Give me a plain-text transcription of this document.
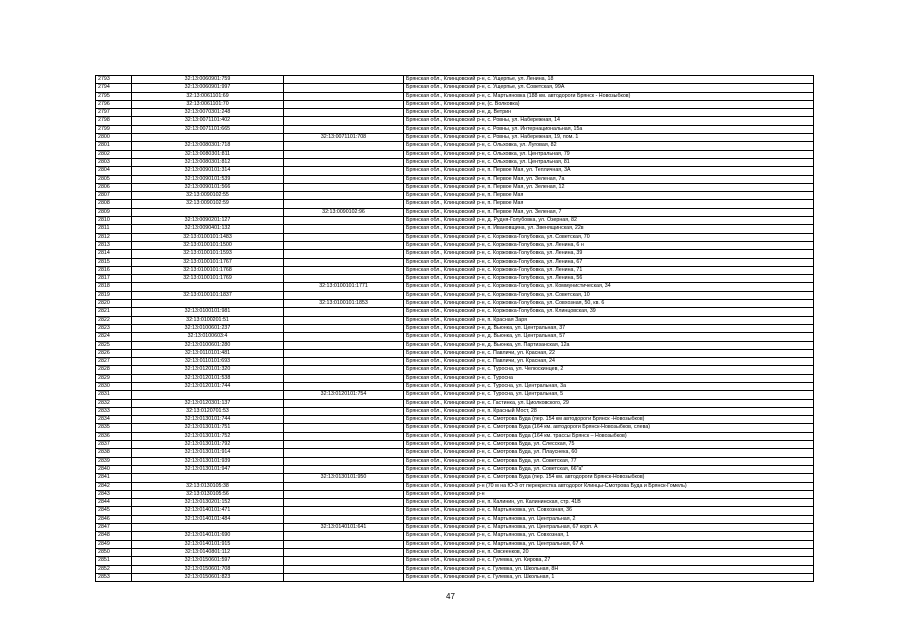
2793	32:13:0060901:759		Брянская обл., Клинцовский р-н, с. Ущерпье, ул. Ленина, 18
2794	32:13:0060901:997		Брянская обл., Клинцовский р-н, с. Ущерпье, ул. Советская, 99А
2795	32:13:0061101:69		Брянская обл., Клинцовский р-н, с. Мартьяновка (188 км. автодороги Брянск - Новозыбков)
2796	32:13:0061101:70		Брянская обл., Клинцовский р-н, (с. Волковка)
2797	32:13:0070301:248		Брянская обл., Клинцовский р-н, д. Ветрин
2798	32:13:0071101:402		Брянская обл., Клинцовский р-н, с. Ровны, ул. Набережная, 14
2799	32:13:0071101:665		Брянская обл., Клинцовский р-н, с. Ровны, ул. Интернациональная, 15а
2800		32:13:0071101:708	Брянская обл., Клинцовский р-н, с. Ровны, ул. Набережная, 19, пом. 1
2801	32:13:0080301:718		Брянская обл., Клинцовский р-н, с. Ольховка, ул. Луговая, 82
2802	32:13:0080301:811		Брянская обл., Клинцовский р-н, с. Ольховка, ул. Центральная, 79
2803	32:13:0080301:812		Брянская обл., Клинцовский р-н, с. Ольховка, ул. Центральная, 81
2804	32:13:0090101:314		Брянская обл., Клинцовский р-н, п. Первое Мая, ул. Тепличная, 3А
2805	32:13:0090101:539		Брянская обл., Клинцовский р-н, п. Первое Мая, ул. Зеленая, 7а
2806	32:13:0090101:566		Брянская обл., Клинцовский р-н, п. Первое Мая, ул. Зеленая, 12
2807	32:13:0090102:55		Брянская обл., Клинцовский р-н, п. Первое Мая
2808	32:13:0090102:59		Брянская обл., Клинцовский р-н, п. Первое Мая
2809		32:13:0090102:96	Брянская обл., Клинцовский р-н, п. Первое Мая, ул. Зеленая, 7
2810	32:13:0090201:127		Брянская обл., Клинцовский р-н, д. Рудня-Голубовка, ул. Озерная, 82
2811	32:13:0090401:132		Брянская обл., Клинцовский р-н, п. Ивановщина, ул. Звенящинская, 22в
2812	32:13:0100101:1483		Брянская обл., Клинцовский р-н, с. Коржовка-Голубовка, ул. Советская, 70
2813	32:13:0100101:1500		Брянская обл., Клинцовский р-н, с. Коржовка-Голубовка, ул. Ленина, 6 н
2814	32:13:0100101:1593		Брянская обл., Клинцовский р-н, с. Коржовка-Голубовка, ул. Ленина, 39
2815	32:13:0100101:1767		Брянская обл., Клинцовский р-н, с. Коржовка-Голубовка, ул. Ленина, 67
2816	32:13:0100101:1768		Брянская обл., Клинцовский р-н, с. Коржовка-Голубовка, ул. Ленина, 71
2817	32:13:0100101:1769		Брянская обл., Клинцовский р-н, с. Коржовка-Голубовка, ул. Ленина, 56
2818		32:13:0100101:1771	Брянская обл., Клинцовский р-н, с. Коржовка-Голубовка, ул. Коммунистическая, 34
2819	32:13:0100101:1837		Брянская обл., Клинцовский р-н, с. Коржовка-Голубовка, ул. Советская, 10
2820		32:13:0100101:1853	Брянская обл., Клинцовский р-н, с. Коржовка-Голубовка, ул. Совхозная, 50, кв. 6
2821	32:13:0100101:981		Брянская обл., Клинцовский р-н, с. Коржовка-Голубовка, ул. Клинцовская, 39
2822	32:13:0100201:51		Брянская обл., Клинцовский р-н, п. Красная Заря
2823	32:13:0100601:237		Брянская обл., Клинцовский р-н, д. Вьюнка, ул. Центральная, 37
2824	32:13:0100603:4		Брянская обл., Клинцовский р-н, д. Вьюнка, ул. Центральная, 57
2825	32:13:0100601:280		Брянская обл., Клинцовский р-н, д. Вьюнка, ул. Партизанская, 12а
2826	32:13:0110101:481		Брянская обл., Клинцовский р-н, с. Павличи, ул. Красная, 22
2827	32:13:0110101:693		Брянская обл., Клинцовский р-н, с. Павличи, ул. Красная, 24
2828	32:13:0120101:320		Брянская обл., Клинцовский р-н, с. Туросна, ул. Челюскинцев, 2
2829	32:13:0120101:538		Брянская обл., Клинцовский р-н, с. Туросна
2830	32:13:0120101:744		Брянская обл., Клинцовский р-н, с. Туросна, ул. Центральная, 3а
2831		32:13:0120101:754	Брянская обл., Клинцовский р-н, с. Туросна, ул. Центральная, 5
2832	32:13:0120301:137		Брянская обл., Клинцовский р-н, с. Гастинка, ул. Циолковского, 29
2833	32:13:0120701:53		Брянская обл., Клинцовский р-н, п. Красный Мост, 28
2834	32:13:0130101:744		Брянская обл., Клинцовский р-н, с. Смотрова Буда (пер. 154 км автодороги Брянск -Новозыбков)
2835	32:13:0130101:751		Брянская обл., Клинцовский р-н, с. Смотрова Буда (164 км. автодороги Брянск-Новозыбков, слева)
2836	32:13:0130101:752		Брянская обл., Клинцовский р-н, с. Смотрова Буда (164 км. трассы Брянск – Новозыбков)
2837	32:13:0130101:792		Брянская обл., Клинцовский р-н, с. Смотрова Буда, ул. Слесская, 75
2838	32:13:0130101:914		Брянская обл., Клинцовский р-н, с. Смотрова Буда, ул. Плауснека, 60
2839	32:13:0130101:939		Брянская обл., Клинцовский р-н, с. Смотрова Буда, ул. Советская, 77
2840	32:13:0130101:947		Брянская обл., Клинцовский р-н, с. Смотрова Буда, ул. Советская, 66"а"
2841		32:13:0130101:950	Брянская обл., Клинцовский р-н, с. Смотрова Буда (пер. 154 км. автодороги Брянск-Новозыбков)
2842	32:13:0130105:38		Брянская обл., Клинцовский р-н (70 м на Ю-З от перекрестка автодорог Клинцы-Смотрова Буда и Брянск-Гомель)
2843	32:13:0130105:56		Брянская обл., Клинцовский р-н
2844	32:13:0130201:152		Брянская обл., Клинцовский р-н, п. Калинин, ул. Калининская, стр. 41В
2845	32:13:0140101:471		Брянская обл., Клинцовский р-н, с. Мартьяновка, ул. Совхозная, 36
2846	32:13:0140101:484		Брянская обл., Клинцовский р-н, с. Мартьяновка, ул. Центральная, 2
2847		32:13:0140101:641	Брянская обл., Клинцовский р-н, с. Мартьяновка, ул. Центральная, 67 корп. А
2848	32:13:0140101:690		Брянская обл., Клинцовский р-н, с. Мартьяновка, ул. Совхозная, 1
2849	32:13:0140101:915		Брянская обл., Клинцовский р-н, с. Мартьяновка, ул. Центральная, 67 А
2850	32:13:0140801:112		Брянская обл., Клинцовский р-н, п. Овсеенков, 20
2851	32:13:0150601:597		Брянская обл., Клинцовский р-н, с. Гулевка, ул. Кирова, 27
2852	32:13:0150601:708		Брянская обл., Клинцовский р-н, с. Гулевка, ул. Школьная, 8Н
2853	32:13:0150601:823		Брянская обл., Клинцовский р-н, с. Гулевка, ул. Школьная, 1
47
